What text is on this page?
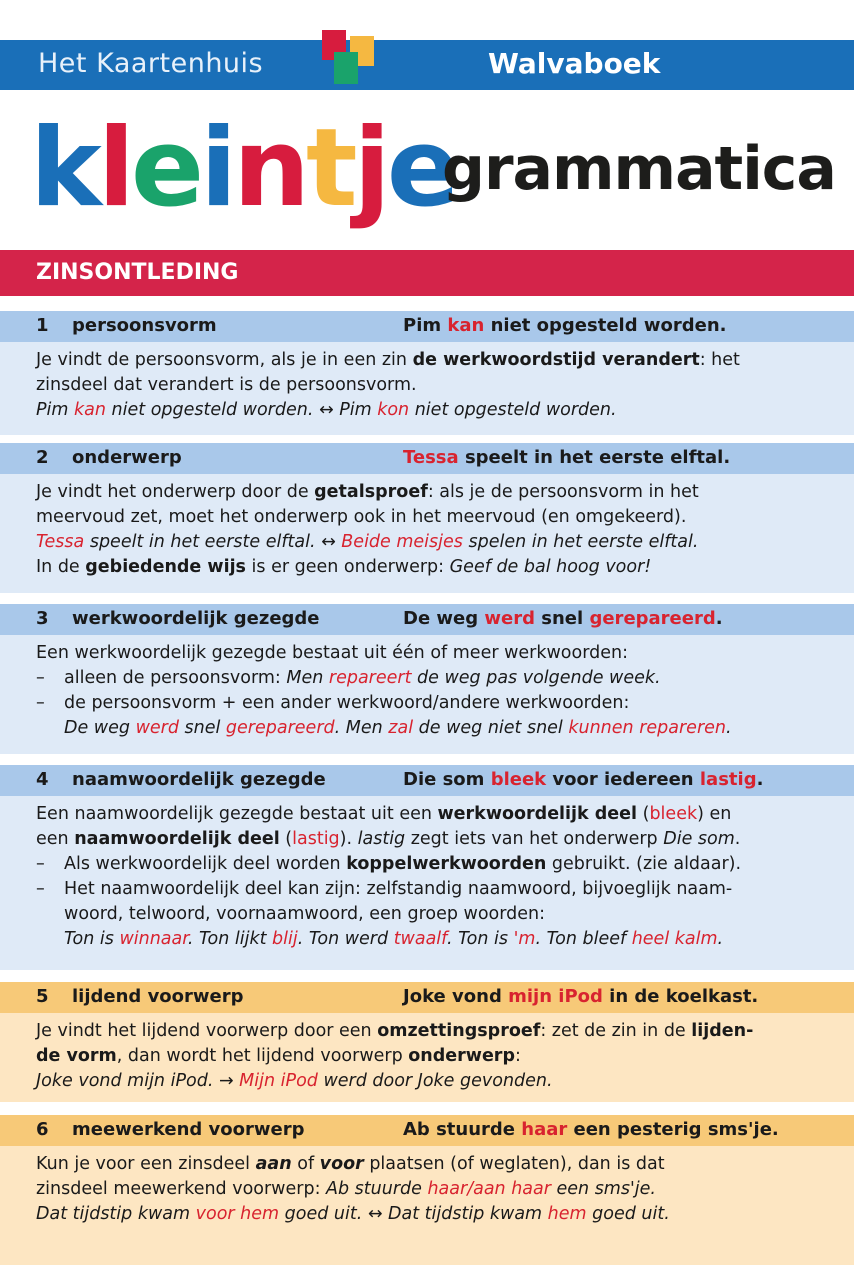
Het Kaartenhuis	Walvaboek
kleintje
grammatica
ZINSONTLEDING
1 persoonsvorm	Pim kan niet opgesteld worden.
Je vindt de persoonsvorm, als je in een zin de werkwoordstijd verandert: het
zinsdeel dat verandert is de persoonsvorm.
Pim kan niet opgesteld worden. ↔ Pim kon niet opgesteld worden.
2 onderwerp	Tessa speelt in het eerste elftal.
Je vindt het onderwerp door de getalsproef: als je de persoonsvorm in het
meervoud zet, moet het onderwerp ook in het meervoud (en omgekeerd).
Tessa speelt in het eerste elftal. ↔ Beide meisjes spelen in het eerste elftal.
In de gebiedende wijs is er geen onderwerp: Geef de bal hoog voor!
3 werkwoordelijk gezegde	De weg werd snel gerepareerd.
Een werkwoordelijk gezegde bestaat uit één of meer werkwoorden:
– alleen de persoonsvorm: Men repareert de weg pas volgende week.
– de persoonsvorm + een ander werkwoord/andere werkwoorden:
De weg werd snel gerepareerd. Men zal de weg niet snel kunnen repareren.
4 naamwoordelijk gezegde	Die som bleek voor iedereen lastig.
Een naamwoordelijk gezegde bestaat uit een werkwoordelijk deel (bleek) en
een naamwoordelijk deel (lastig). lastig zegt iets van het onderwerp Die som.
– Als werkwoordelijk deel worden koppelwerkwoorden gebruikt. (zie aldaar).
– Het naamwoordelijk deel kan zijn: zelfstandig naamwoord, bijvoeglijk naam-
woord, telwoord, voornaamwoord, een groep woorden:
Ton is winnaar. Ton lijkt blij. Ton werd twaalf. Ton is 'm. Ton bleef heel kalm.
5 lijdend voorwerp	Joke vond mijn iPod in de koelkast.
Je vindt het lijdend voorwerp door een omzettingsproef: zet de zin in de lijden-
de vorm, dan wordt het lijdend voorwerp onderwerp:
Joke vond mijn iPod. → Mijn iPod werd door Joke gevonden.
6 meewerkend voorwerp	Ab stuurde haar een pesterig sms'je.
Kun je voor een zinsdeel aan of voor plaatsen (of weglaten), dan is dat
zinsdeel meewerkend voorwerp: Ab stuurde haar/aan haar een sms'je.
Dat tijdstip kwam voor hem goed uit. ↔ Dat tijdstip kwam hem goed uit.
